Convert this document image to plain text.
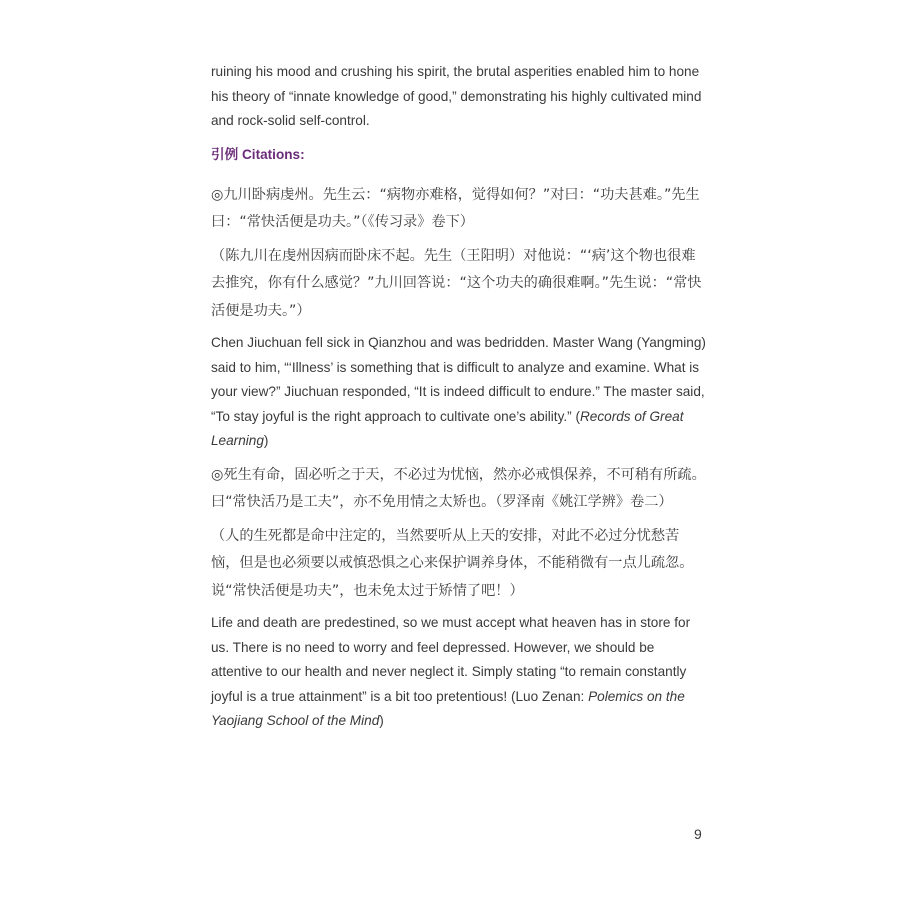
ruining his mood and crushing his spirit, the brutal asperities enabled him to hone his theory of “innate knowledge of good,” demonstrating his highly cultivated mind and rock-solid self-control.

引例 Citations:

◎九川卧病虔州。先生云：“病物亦难格，觉得如何？”对曰：“功夫甚难。”先生曰：“常快活便是功夫。”（《传习录》卷下）

（陈九川在虔州因病而卧床不起。先生（王阳明）对他说：“‘病’这个物也很难去推究，你有什么感觉？”九川回答说：“这个功夫的确很难啊。”先生说：“常快活便是功夫。”）

Chen Jiuchuan fell sick in Qianzhou and was bedridden. Master Wang (Yangming) said to him, “‘Illness’ is something that is difficult to analyze and examine. What is your view?” Jiuchuan responded, “It is indeed difficult to endure.” The master said, “To stay joyful is the right approach to cultivate one’s ability.” (Records of Great Learning)

◎死生有命，固必听之于天，不必过为忧恼，然亦必戒惧保养，不可稍有所疏。曰“常快活乃是工夫”，亦不免用情之太矫也。（罗泽南《姚江学辨》卷二）

（人的生死都是命中注定的，当然要听从上天的安排，对此不必过分忧愁苦恼，但是也必须要以戒慎恐惧之心来保护调养身体，不能稍微有一点儿疏忽。说“常快活便是功夫”，也未免太过于矫情了吧！）

Life and death are predestined, so we must accept what heaven has in store for us. There is no need to worry and feel depressed. However, we should be attentive to our health and never neglect it. Simply stating “to remain constantly joyful is a true attainment” is a bit too pretentious! (Luo Zenan: Polemics on the Yaojiang School of the Mind)

9
